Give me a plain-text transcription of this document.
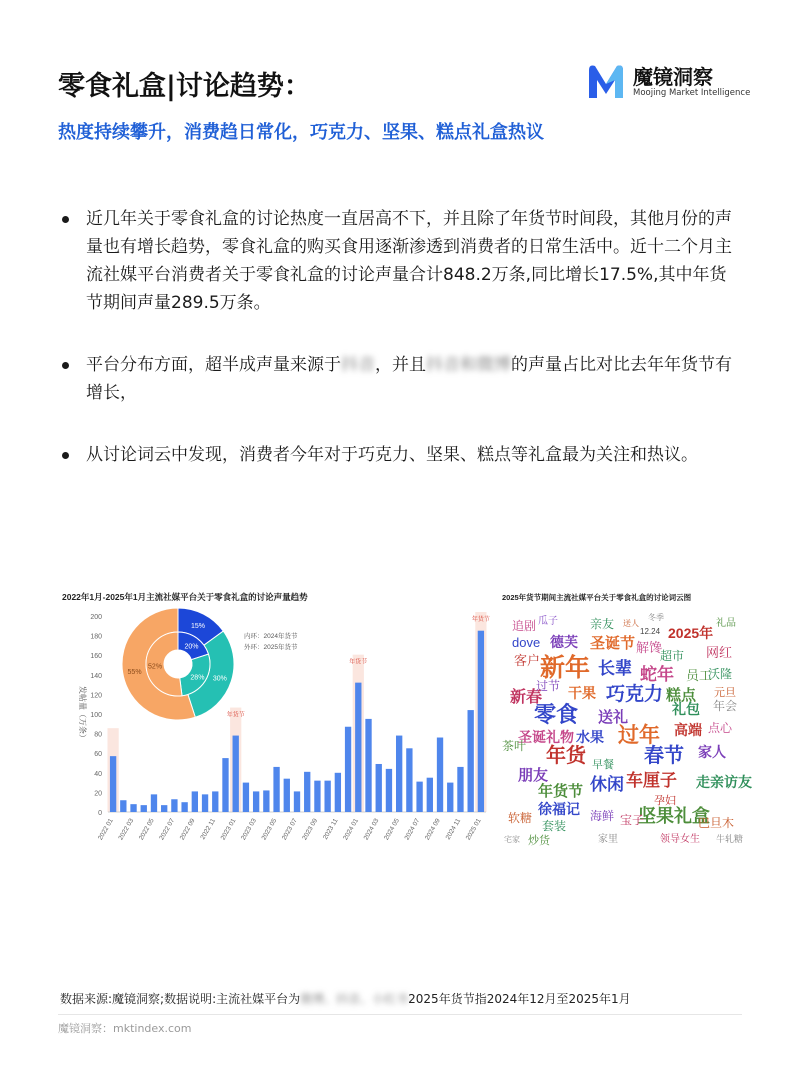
零食礼盒|讨论趋势：
热度持续攀升，消费趋日常化，巧克力、坚果、糕点礼盒热议
魔镜洞察
Moojing Market Intelligence
近几年关于零食礼盒的讨论热度一直居高不下，并且除了年货节时间段，其他月份的声量也有增长趋势，零食礼盒的购买食用逐渐渗透到消费者的日常生活中。近十二个月主流社媒平台消费者关于零食礼盒的讨论声量合计848.2万条,同比增长17.5%,其中年货节期间声量289.5万条。
平台分布方面，超半成声量来源于抖音，并且抖音和微博的声量占比对比去年年货节有增长，
从讨论词云中发现，消费者今年对于巧克力、坚果、糕点等礼盒最为关注和热议。
2022年1月-2025年1月主流社媒平台关于零食礼盒的讨论声量趋势
年货节
年货节
年货节
0
20
40
60
80
100
120
140
160
180
200
2022 01 2022 03 2022 05 2022 07 2022 09 2022 11 2023 01 2023 03 2023 05 2023 07 2023 09 2023 11 2024 01 2024 03 2024 05 2024 07 2024 09 2024 11 2025 01
15%
30%
55%
20%
28%
52%
内环：2024年货节
外环：2025年货节
发帖量（万条）
2025年货节期间主流社媒平台关于零食礼盒的讨论词云图
追剧 瓜子	亲友 送人
冬季
礼品
dove 德芙 圣诞节
12.24
解馋
超市
2025年
网红
客户 新年 长辈 蛇年 员工
沃隆
新春
过节 干果 巧克力 糕点
年会
元旦
零食 送礼	礼包
过年 高端 点心
圣诞礼物 水果
年货	春节 家人
茶叶
朋友
年货节
早餐
休闲 车厘子 走亲访友
孕妇
徐福记	坚果礼盒
海鲜
软糖
套装	宝子	巴旦木
炒货	家里	领导女生 牛轧糖
宅家
数据来源:魔镜洞察;数据说明:主流社媒平台为微博、抖音、小红书2025年货节指2024年12月至2025年1月
魔镜洞察：mktindex.com
